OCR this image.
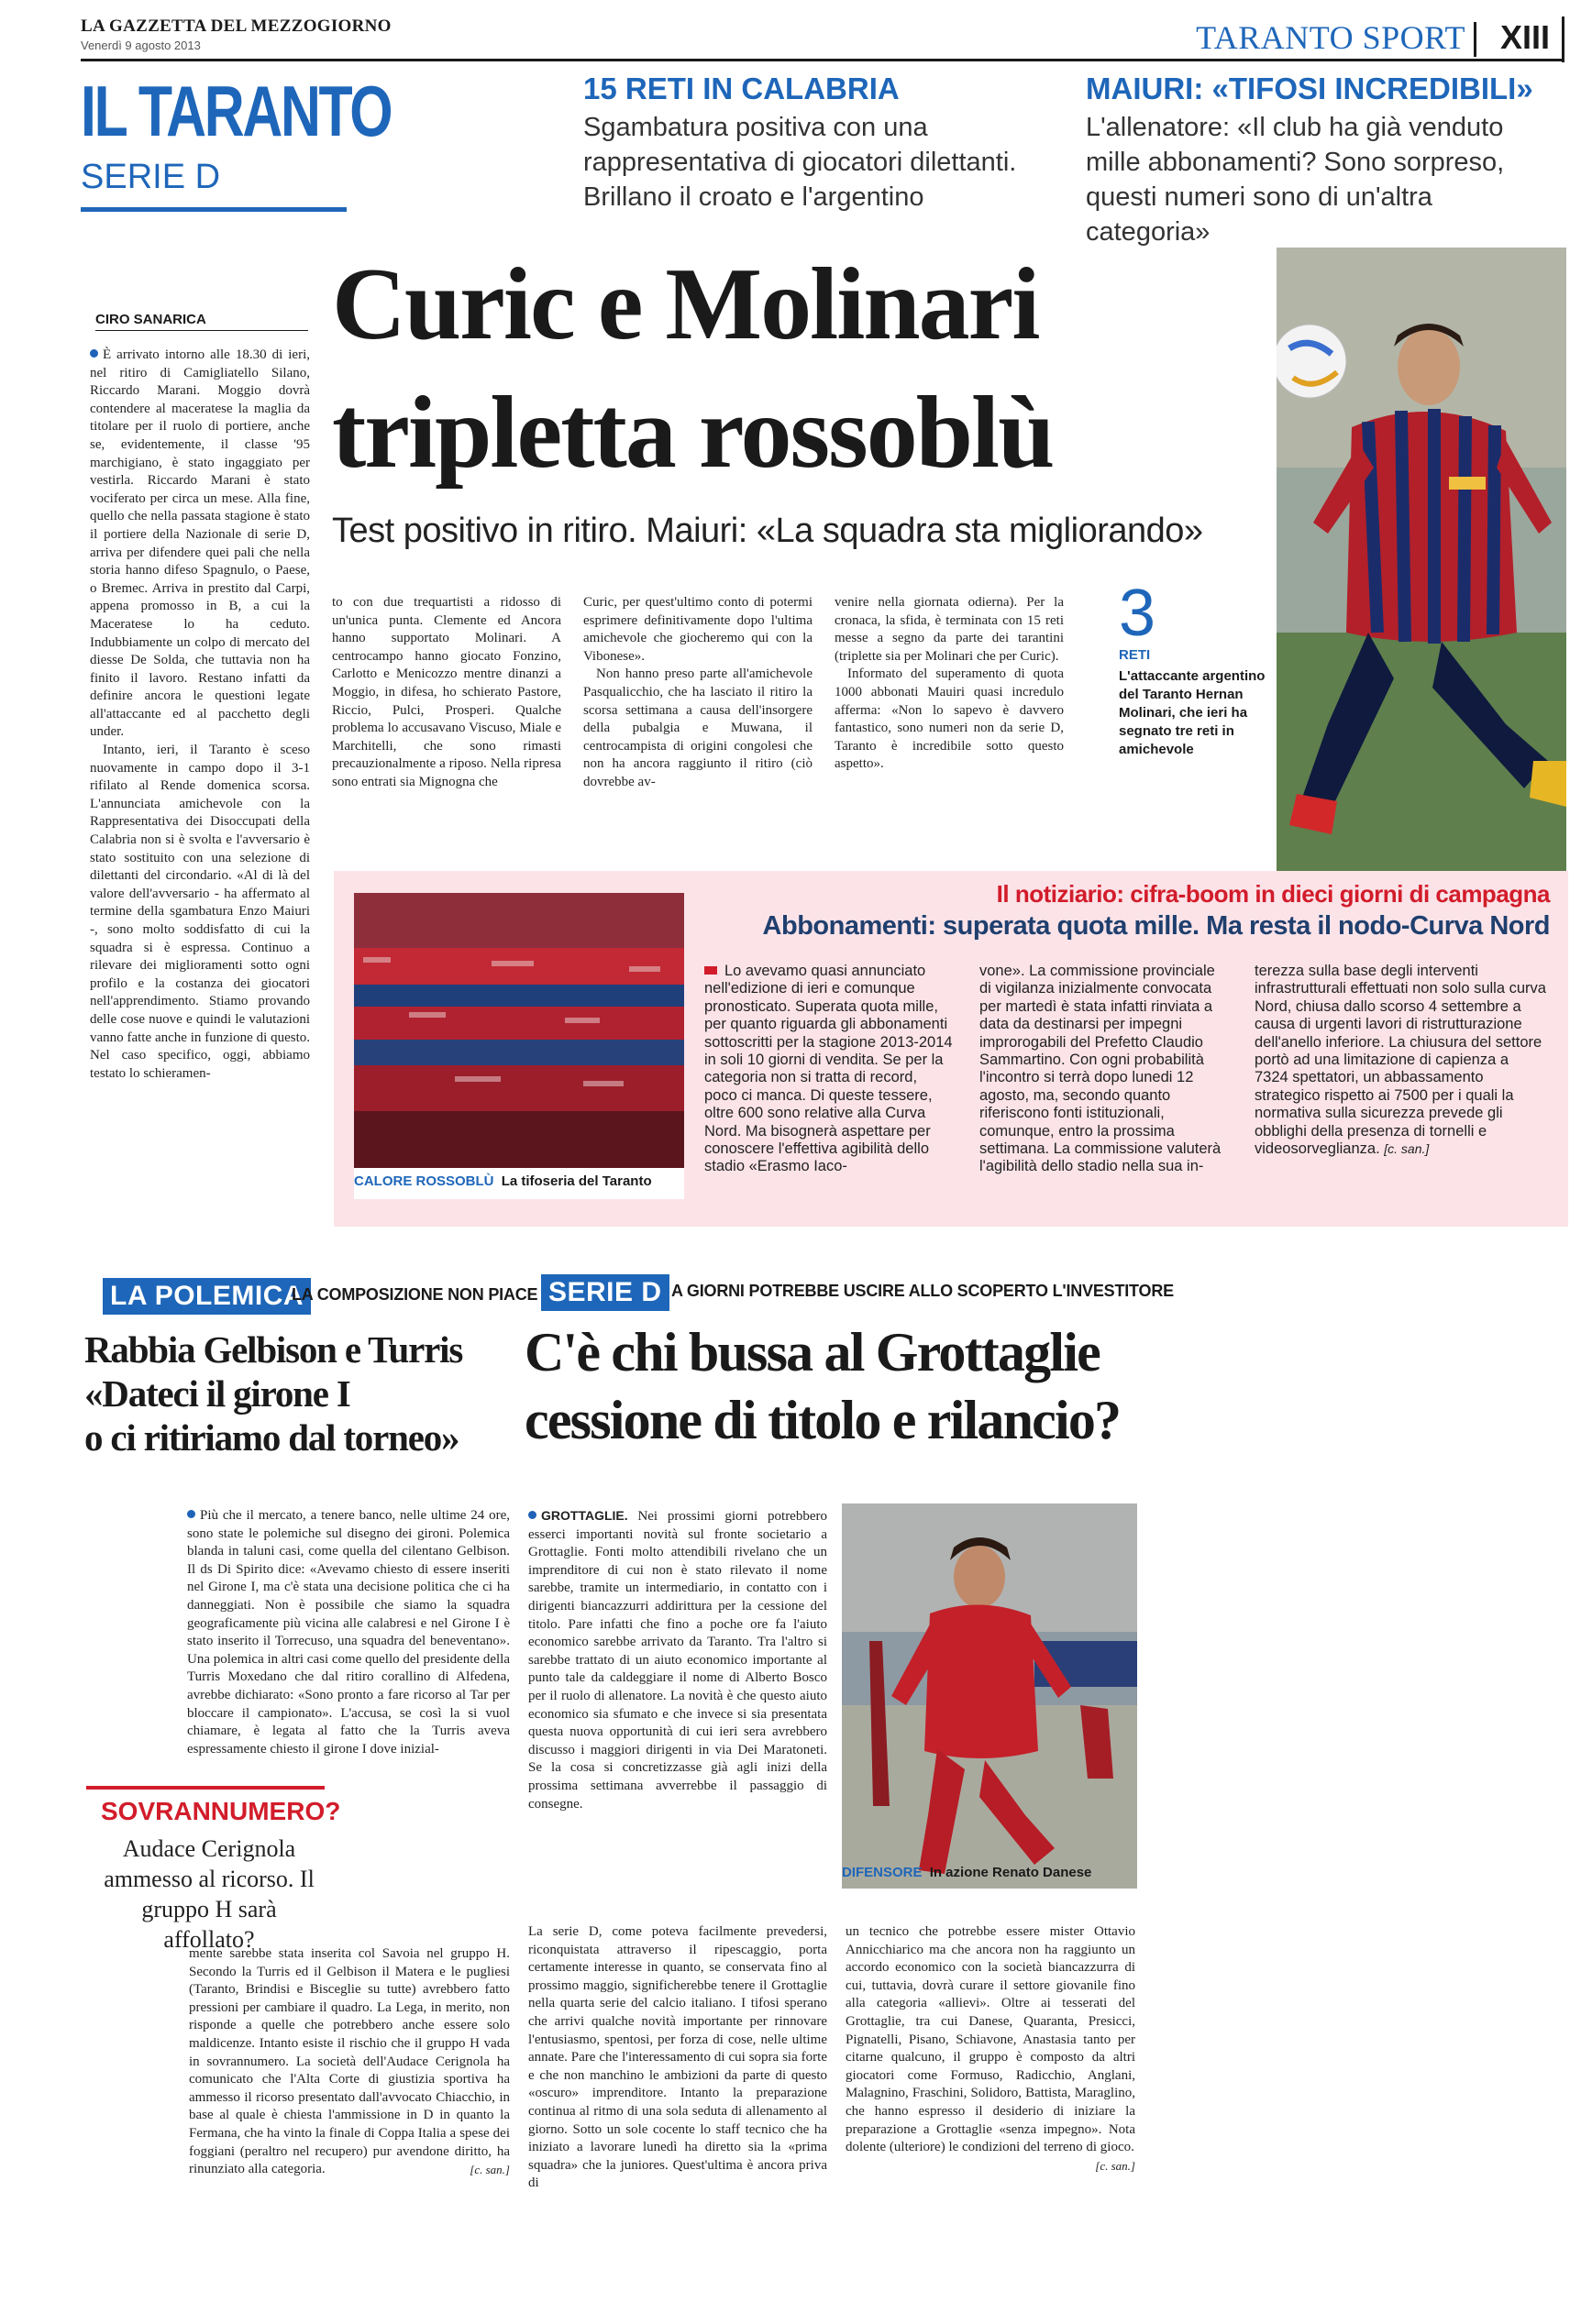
LA GAZZETTA DEL MEZZOGIORNO
Venerdì 9 agosto 2013	TARANTO SPORT	XIII
IL TARANTO
SERIE D
15 RETI IN CALABRIA
Sgambatura positiva con una rappresentativa di giocatori dilettanti. Brillano il croato e l'argentino
MAIURI: «TIFOSI INCREDIBILI»
L'allenatore: «Il club ha già venduto mille abbonamenti? Sono sorpreso, questi numeri sono di un'altra categoria»
CIRO SANARICA Curic e Molinari
tripletta rossoblù
Test positivo in ritiro. Maiuri: «La squadra sta migliorando»
3
RETI
L'attaccante argentino del Taranto Hernan Molinari, che ieri ha segnato tre reti in amichevole

È arrivato intorno alle 18.30 di ieri, nel ritiro di Camigliatello Silano, Riccardo Marani. Moggio dovrà contendere al maceratese la maglia da titolare per il ruolo di portiere, anche se, evidentemente, il classe '95 marchigiano, è stato ingaggiato per vestirla. Riccardo Marani è stato vociferato per circa un mese. Alla fine, quello che nella passata stagione è stato il portiere della Nazionale di serie D, arriva per difendere quei pali che nella storia hanno difeso Spagnulo, o Paese, o Bremec. Arriva in prestito dal Carpi, appena promosso in B, a cui la Maceratese lo ha ceduto. Indubbiamente un colpo di mercato del diesse De Solda, che tuttavia non ha finito il lavoro. Restano infatti da definire ancora le questioni legate all'attaccante ed al pacchetto degli under.

Intanto, ieri, il Taranto è sceso nuovamente in campo dopo il 3-1 rifilato al Rende domenica scorsa. L'annunciata amichevole con la Rappresentativa dei Disoccupati della Calabria non si è svolta e l'avversario è stato sostituito con una selezione di dilettanti del circondario. «Al di là del valore dell'avversario - ha affermato al termine della sgambatura Enzo Maiuri -, sono molto soddisfatto di cui la squadra si è espressa. Continuo a rilevare dei miglioramenti sotto ogni profilo e la costanza dei giocatori nell'apprendimento. Stiamo provando delle cose nuove e quindi le valutazioni vanno fatte anche in funzione di questo. Nel caso specifico, oggi, abbiamo testato lo schieramen-

to con due trequartisti a ridosso di un'unica punta. Clemente ed Ancora hanno supportato Molinari. A centrocampo hanno giocato Fonzino, Carlotto e Menicozzo mentre dinanzi a Moggio, in difesa, ho schierato Pastore, Riccio, Pulci, Prosperi. Qualche problema lo accusavano Viscuso, Miale e Marchitelli, che sono rimasti precauzionalmente a riposo. Nella ripresa sono entrati sia Mignogna che

Curic, per quest'ultimo conto di potermi esprimere definitivamente dopo l'ultima amichevole che giocheremo qui con la Vibonese».

Non hanno preso parte all'amichevole Pasqualicchio, che ha lasciato il ritiro la scorsa settimana a causa dell'insorgere della pubalgia e Muwana, il centrocampista di origini congolesi che non ha ancora raggiunto il ritiro (ciò dovrebbe av-

venire nella giornata odierna). Per la cronaca, la sfida, è terminata con 15 reti messe a segno da parte dei tarantini (triplette sia per Molinari che per Curic).

Informato del superamento di quota 1000 abbonati Mauiri quasi incredulo afferma: «Non lo sapevo è davvero fantastico, sono numeri non da serie D, Taranto è incredibile sotto questo aspetto».

Il notiziario: cifra-boom in dieci giorni di campagna
Abbonamenti: superata quota mille. Ma resta il nodo-Curva Nord
CALORE ROSSOBLÙ La tifoseria del Taranto

Lo avevamo quasi annunciato nell'edizione di ieri e comunque pronosticato. Superata quota mille, per quanto riguarda gli abbonamenti sottoscritti per la stagione 2013-2014 in soli 10 giorni di vendita. Se per la categoria non si tratta di record, poco ci manca. Di queste tessere, oltre 600 sono relative alla Curva Nord. Ma bisognerà aspettare per conoscere l'effettiva agibilità dello stadio «Erasmo Iaco-

vone». La commissione provinciale di vigilanza inizialmente convocata per martedì è stata infatti rinviata a data da destinarsi per impegni improrogabili del Prefetto Claudio Sammartino. Con ogni probabilità l'incontro si terrà dopo lunedi 12 agosto, ma, secondo quanto riferiscono fonti istituzionali, comunque, entro la prossima settimana. La commissione valuterà l'agibilità dello stadio nella sua in-

terezza sulla base degli interventi infrastrutturali effettuati non solo sulla curva Nord, chiusa dallo scorso 4 settembre a causa di urgenti lavori di ristrutturazione dell'anello inferiore. La chiusura del settore portò ad una limitazione di capienza a 7324 spettatori, un abbassamento strategico rispetto ai 7500 per i quali la normativa sulla sicurezza prevede gli obblighi della presenza di tornelli e videosorveglianza. [c. san.]

LA POLEMICA
LA COMPOSIZIONE NON PIACE
Rabbia Gelbison e Turris
«Dateci il girone I
o ci ritiriamo dal torneo»

Più che il mercato, a tenere banco, nelle ultime 24 ore, sono state le polemiche sul disegno dei gironi. Polemica blanda in taluni casi, come quella del cilentano Gelbison. Il ds Di Spirito dice: «Avevamo chiesto di essere inseriti nel Girone I, ma c'è stata una decisione politica che ci ha danneggiati. Non è possibile che siamo la squadra geograficamente più vicina alle calabresi e nel Girone I è stato inserito il Torrecuso, una squadra del beneventano». Una polemica in altri casi come quello del presidente della Turris Moxedano che dal ritiro corallino di Alfedena, avrebbe dichiarato: «Sono pronto a fare ricorso al Tar per bloccare il campionato». L'accusa, se così la si vuol chiamare, è legata al fatto che la Turris aveva espressamente chiesto il girone I dove inizial-

SOVRANNUMERO?
Audace Cerignola ammesso al ricorso. Il gruppo H sarà affollato?

mente sarebbe stata inserita col Savoia nel gruppo H. Secondo la Turris ed il Gelbison il Matera e le pugliesi (Taranto, Brindisi e Bisceglie su tutte) avrebbero fatto pressioni per cambiare il quadro. La Lega, in merito, non risponde a quelle che potrebbero anche essere solo maldicenze. Intanto esiste il rischio che il gruppo H vada in sovrannumero. La società dell'Audace Cerignola ha comunicato che l'Alta Corte di giustizia sportiva ha ammesso il ricorso presentato dall'avvocato Chiacchio, in base al quale è chiesta l'ammissione in D in quanto la Fermana, che ha vinto la finale di Coppa Italia a spese dei foggiani (peraltro nel recupero) pur avendone diritto, ha rinunziato alla categoria.	[c. san.]

SERIE D A GIORNI POTREBBE USCIRE ALLO SCOPERTO L'INVESTITORE
C'è chi bussa al Grottaglie
cessione di titolo e rilancio?

GROTTAGLIE. Nei prossimi giorni potrebbero esserci importanti novità sul fronte societario a Grottaglie. Fonti molto attendibili rivelano che un imprenditore di cui non è stato rilevato il nome sarebbe, tramite un intermediario, in contatto con i dirigenti biancazzurri addirittura per la cessione del titolo. Pare infatti che fino a poche ore fa l'aiuto economico sarebbe arrivato da Taranto. Tra l'altro si sarebbe trattato di un aiuto economico importante al punto tale da caldeggiare il nome di Alberto Bosco per il ruolo di allenatore. La novità è che questo aiuto economico sia sfumato e che invece si sia presentata questa nuova opportunità di cui ieri sera avrebbero discusso i maggiori dirigenti in via Dei Maratoneti. Se la cosa si concretizzasse già agli inizi della prossima settimana avverrebbe il passaggio di consegne.

La serie D, come poteva facilmente prevedersi, riconquistata attraverso il ripescaggio, porta certamente interesse in quanto, se conservata fino al prossimo maggio, significherebbe tenere il Grottaglie nella quarta serie del calcio italiano. I tifosi sperano che arrivi qualche novità importante per rinnovare l'entusiasmo, spentosi, per forza di cose, nelle ultime annate. Pare che l'interessamento di cui sopra sia forte e che non manchino le ambizioni da parte di questo «oscuro» imprenditore. Intanto la preparazione continua al ritmo di una sola seduta di allenamento al giorno. Sotto un sole cocente lo staff tecnico che ha iniziato a lavorare lunedì ha diretto sia la «prima squadra» che la juniores. Quest'ultima è ancora priva di

DIFENSORE In azione Renato Danese

un tecnico che potrebbe essere mister Ottavio Annicchiarico ma che ancora non ha raggiunto un accordo economico con la società biancazzurra di cui, tuttavia, dovrà curare il settore giovanile fino alla categoria «allievi». Oltre ai tesserati del Grottaglie, tra cui Danese, Quaranta, Presicci, Pignatelli, Pisano, Schiavone, Anastasia tanto per citarne qualcuno, il gruppo è composto da altri giocatori come Formuso, Radicchio, Anglani, Malagnino, Fraschini, Solidoro, Battista, Maraglino, che hanno espresso il desiderio di iniziare la preparazione a Grottaglie «senza impegno». Nota dolente (ulteriore) le condizioni del terreno di gioco.
[c. san.]
